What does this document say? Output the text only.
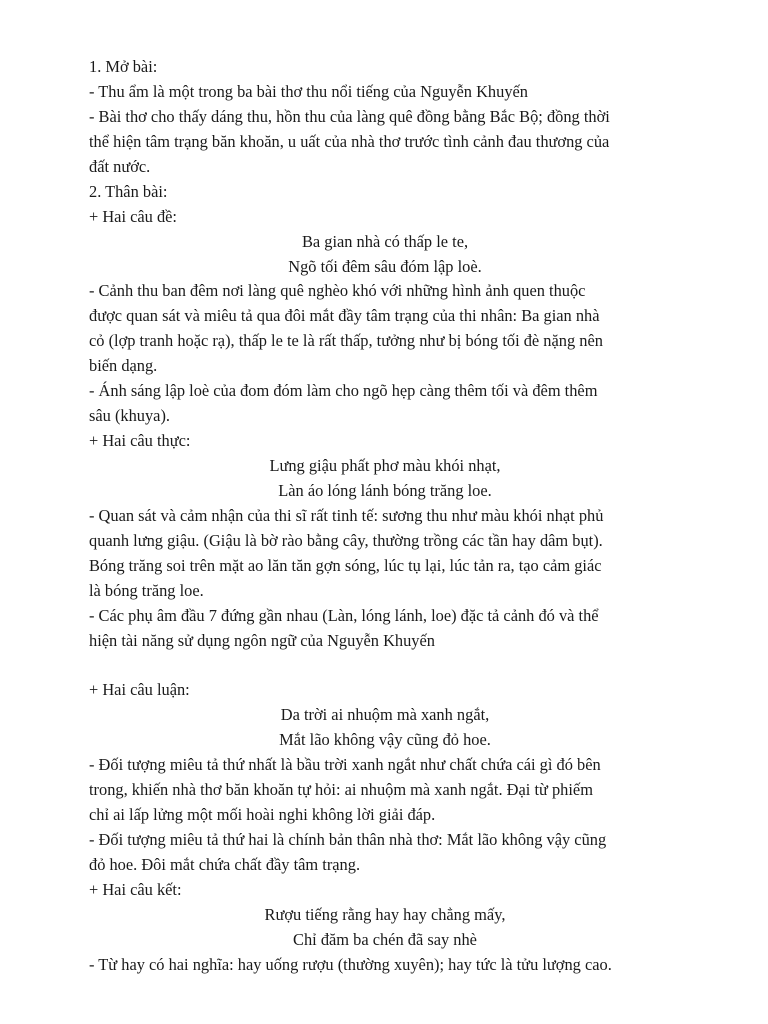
1. Mở bài:
- Thu ẩm là một trong ba bài thơ thu nổi tiếng của Nguyễn Khuyến
- Bài thơ cho thấy dáng thu, hồn thu của làng quê đồng bằng Bắc Bộ; đồng thời
thể hiện tâm trạng băn khoăn, u uất của nhà thơ trước tình cảnh đau thương của
đất nước.
2. Thân bài:
+ Hai câu đề:
Ba gian nhà có thấp le te,
Ngõ tối đêm sâu đóm lập loè.
- Cảnh thu ban đêm nơi làng quê nghèo khó với những hình ảnh quen thuộc
được quan sát và miêu tả qua đôi mắt đầy tâm trạng của thi nhân: Ba gian nhà
cỏ (lợp tranh hoặc rạ), thấp le te là rất thấp, tưởng như bị bóng tối đè nặng nên
biến dạng.
- Ánh sáng lập loè của đom đóm làm cho ngõ hẹp càng thêm tối và đêm thêm
sâu (khuya).
+ Hai câu thực:
Lưng giậu phất phơ màu khói nhạt,
Làn áo lóng lánh bóng trăng loe.
- Quan sát và cảm nhận của thi sĩ rất tinh tế: sương thu như màu khói nhạt phủ
quanh lưng giậu. (Giậu là bờ rào bằng cây, thường trồng các tần hay dâm bụt).
Bóng trăng soi trên mặt ao lăn tăn gợn sóng, lúc tụ lại, lúc tản ra, tạo cảm giác
là bóng trăng loe.
- Các phụ âm đầu 7 đứng gần nhau (Làn, lóng lánh, loe) đặc tả cảnh đó và thể
hiện tài năng sử dụng ngôn ngữ của Nguyễn Khuyến
+ Hai câu luận:
Da trời ai nhuộm mà xanh ngắt,
Mắt lão không vậy cũng đỏ hoe.
- Đối tượng miêu tả thứ nhất là bầu trời xanh ngắt như chất chứa cái gì đó bên
trong, khiến nhà thơ băn khoăn tự hỏi: ai nhuộm mà xanh ngắt. Đại từ phiếm
chỉ ai lấp lửng một mối hoài nghi không lời giải đáp.
- Đối tượng miêu tả thứ hai là chính bản thân nhà thơ: Mắt lão không vậy cũng
đỏ hoe. Đôi mắt chứa chất đầy tâm trạng.
+ Hai câu kết:
Rượu tiếng rằng hay hay chẳng mấy,
Chỉ đăm ba chén đã say nhè
- Từ hay có hai nghĩa: hay uống rượu (thường xuyên); hay tức là tửu lượng cao.
